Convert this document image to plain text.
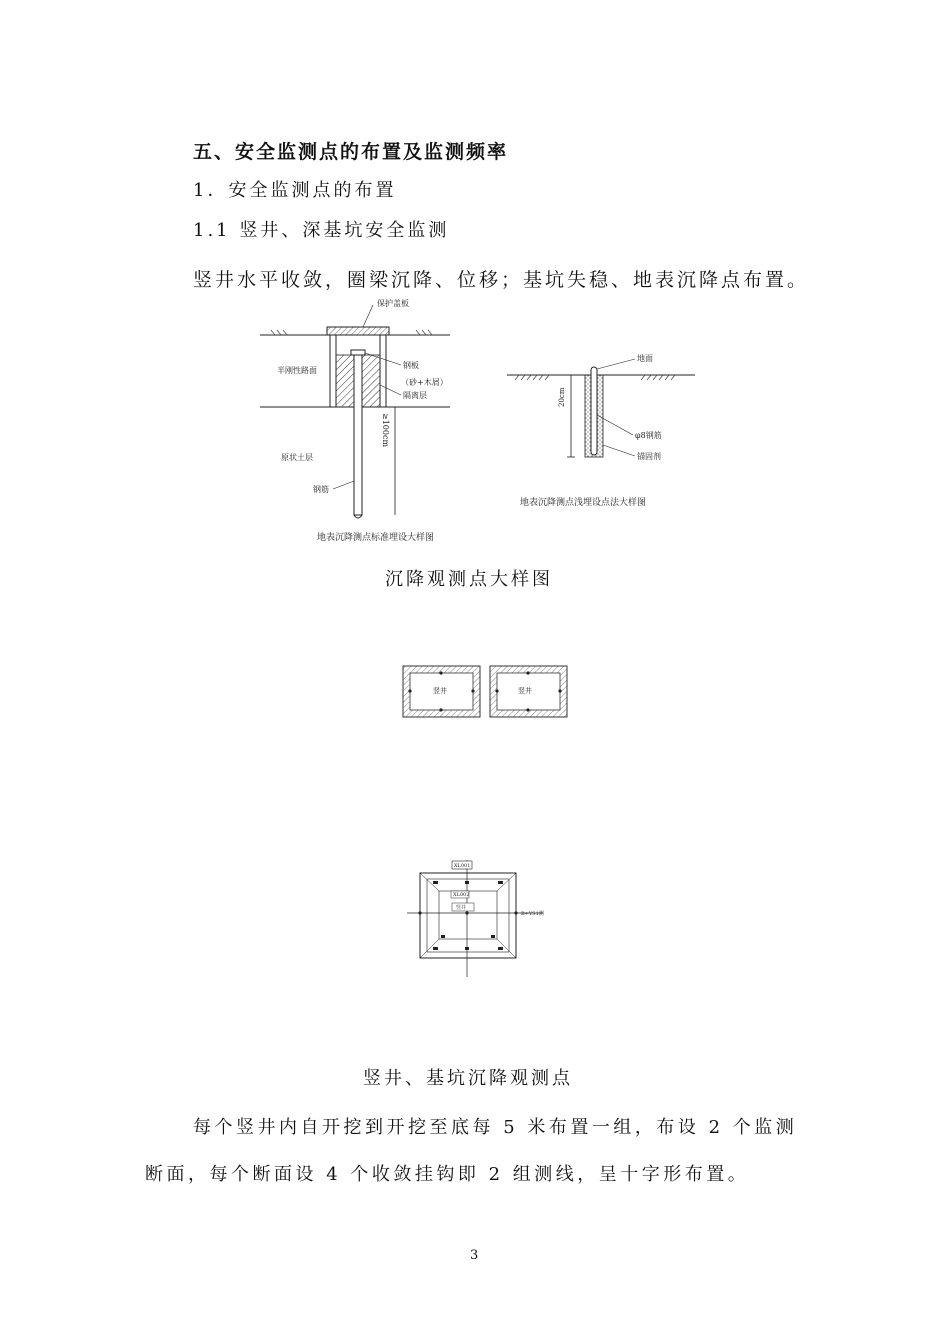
五、安全监测点的布置及监测频率
1．安全监测点的布置
1.1 竖井、深基坑安全监测
竖井水平收敛，圈梁沉降、位移；基坑失稳、地表沉降点布置。
保护盖板
半刚性路面
钢板
（砂+木屑）
隔离层
≥100cm
原状土层
钢筋
地表沉降测点标准埋设大样图
20cm
地面
φ8钢筋
锚固剂
地表沉降测点浅埋设点法大样图
沉降观测点大样图
竖井	竖井
XL001
XL002
竖井
B+YS1测
竖井、基坑沉降观测点
每个竖井内自开挖到开挖至底每 5 米布置一组，布设 2 个监测
断面，每个断面设 4 个收敛挂钩即 2 组测线，呈十字形布置。
3
